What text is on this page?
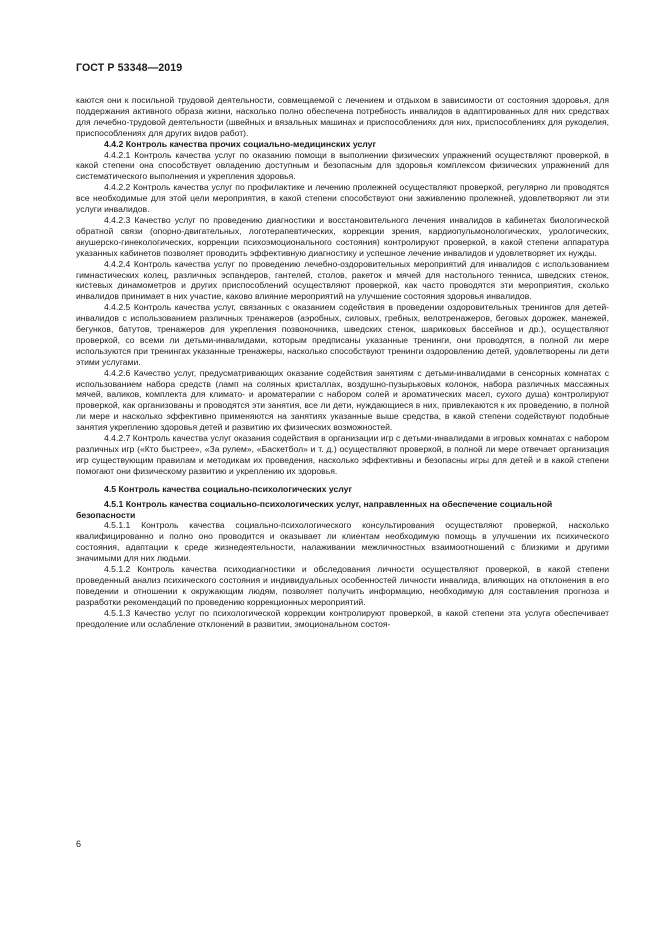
ГОСТ Р 53348—2019

каются они к посильной трудовой деятельности, совмещаемой с лечением и отдыхом в зависимости от состояния здоровья, для поддержания активного образа жизни, насколько полно обеспечена потребность инвалидов в адаптированных для них средствах для лечебно-трудовой деятельности (швейных и вязальных машинах и приспособлениях для них, приспособлениях для рукоделия, приспособлениях для других видов работ).

4.4.2 Контроль качества прочих социально-медицинских услуг

4.4.2.1 Контроль качества услуг по оказанию помощи в выполнении физических упражнений осуществляют проверкой, в какой степени она способствует овладению доступным и безопасным для здоровья комплексом физических упражнений для систематического выполнения и укрепления здоровья.

4.4.2.2 Контроль качества услуг по профилактике и лечению пролежней осуществляют проверкой, регулярно ли проводятся все необходимые для этой цели мероприятия, в какой степени способствуют они заживлению пролежней, удовлетворяют ли эти услуги инвалидов.

4.4.2.3 Качество услуг по проведению диагностики и восстановительного лечения инвалидов в кабинетах биологической обратной связи (опорно-двигательных, логотерапевтических, коррекции зрения, кардиопульмонологических, урологических, акушерско-гинекологических, коррекции психоэмоционального состояния) контролируют проверкой, в какой степени аппаратура указанных кабинетов позволяет проводить эффективную диагностику и успешное лечение инвалидов и удовлетворяет их нужды.

4.4.2.4 Контроль качества услуг по проведению лечебно-оздоровительных мероприятий для инвалидов с использованием гимнастических колец, различных эспандеров, гантелей, столов, ракеток и мячей для настольного тенниса, шведских стенок, кистевых динамометров и других приспособлений осуществляют проверкой, как часто проводятся эти мероприятия, сколько инвалидов принимает в них участие, каково влияние мероприятий на улучшение состояния здоровья инвалидов.

4.4.2.5 Контроль качества услуг, связанных с оказанием содействия в проведении оздоровительных тренингов для детей-инвалидов с использованием различных тренажеров (аэробных, силовых, гребных, велотренажеров, беговых дорожек, манежей, бегунков, батутов, тренажеров для укрепления позвоночника, шведских стенок, шариковых бассейнов и др.), осуществляют проверкой, со всеми ли детьми-инвалидами, которым предписаны указанные тренинги, они проводятся, в полной ли мере используются при тренингах указанные тренажеры, насколько способствуют тренинги оздоровлению детей, удовлетворены ли дети этими услугами.

4.4.2.6 Качество услуг, предусматривающих оказание содействия занятиям с детьми-инвалидами в сенсорных комнатах с использованием набора средств (ламп на соляных кристаллах, воздушно-пузырьковых колонок, набора различных массажных мячей, валиков, комплекта для климато- и ароматерапии с набором солей и ароматических масел, сухого душа) контролируют проверкой, как организованы и проводятся эти занятия, все ли дети, нуждающиеся в них, привлекаются к их проведению, в полной ли мере и насколько эффективно применяются на занятиях указанные выше средства, в какой степени содействуют подобные занятия укреплению здоровья детей и развитию их физических возможностей.

4.4.2.7 Контроль качества услуг оказания содействия в организации игр с детьми-инвалидами в игровых комнатах с набором различных игр («Кто быстрее», «За рулем», «Баскетбол» и т. д.) осуществляют проверкой, в полной ли мере отвечает организация игр существующим правилам и методикам их проведения, насколько эффективны и безопасны игры для детей и в какой степени помогают они физическому развитию и укреплению их здоровья.

4.5 Контроль качества социально-психологических услуг
4.5.1 Контроль качества социально-психологических услуг, направленных на обеспечение социальной безопасности

4.5.1.1 Контроль качества социально-психологического консультирования осуществляют проверкой, насколько квалифицированно и полно оно проводится и оказывает ли клиентам необходимую помощь в улучшении их психического состояния, адаптации к среде жизнедеятельности, налаживании межличностных взаимоотношений с близкими и другими значимыми для них людьми.

4.5.1.2 Контроль качества психодиагностики и обследования личности осуществляют проверкой, в какой степени проведенный анализ психического состояния и индивидуальных особенностей личности инвалида, влияющих на отклонения в его поведении и отношении к окружающим людям, позволяет получить информацию, необходимую для составления прогноза и разработки рекомендаций по проведению коррекционных мероприятий.

4.5.1.3 Качество услуг по психологической коррекции контролируют проверкой, в какой степени эта услуга обеспечивает преодоление или ослабление отклонений в развитии, эмоциональном состоя-

6
